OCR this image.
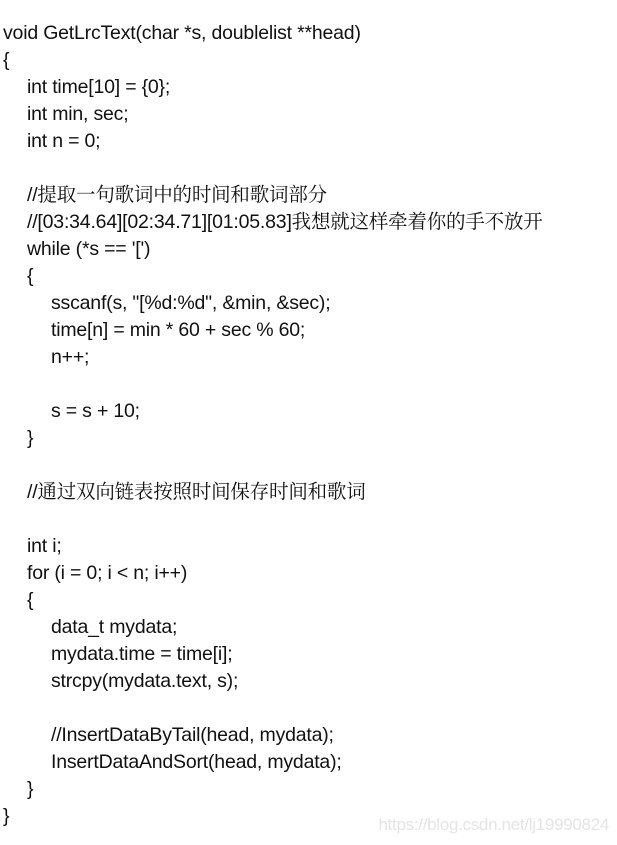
void GetLrcText(char *s, doublelist **head)
{
int time[10] = {0};
int min, sec;
int n = 0;
//提取一句歌词中的时间和歌词部分
//[03:34.64][02:34.71][01:05.83]我想就这样牵着你的手不放开
while (*s == '[')
{
sscanf(s, "[%d:%d", &min, &sec);
time[n] = min * 60 + sec % 60;
n++;
s = s + 10;
}
//通过双向链表按照时间保存时间和歌词
int i;
for (i = 0; i < n; i++)
{
data_t mydata;
mydata.time = time[i];
strcpy(mydata.text, s);
//InsertDataByTail(head, mydata);
InsertDataAndSort(head, mydata);
}
}	https://blog.csdn.net/lj19990824
